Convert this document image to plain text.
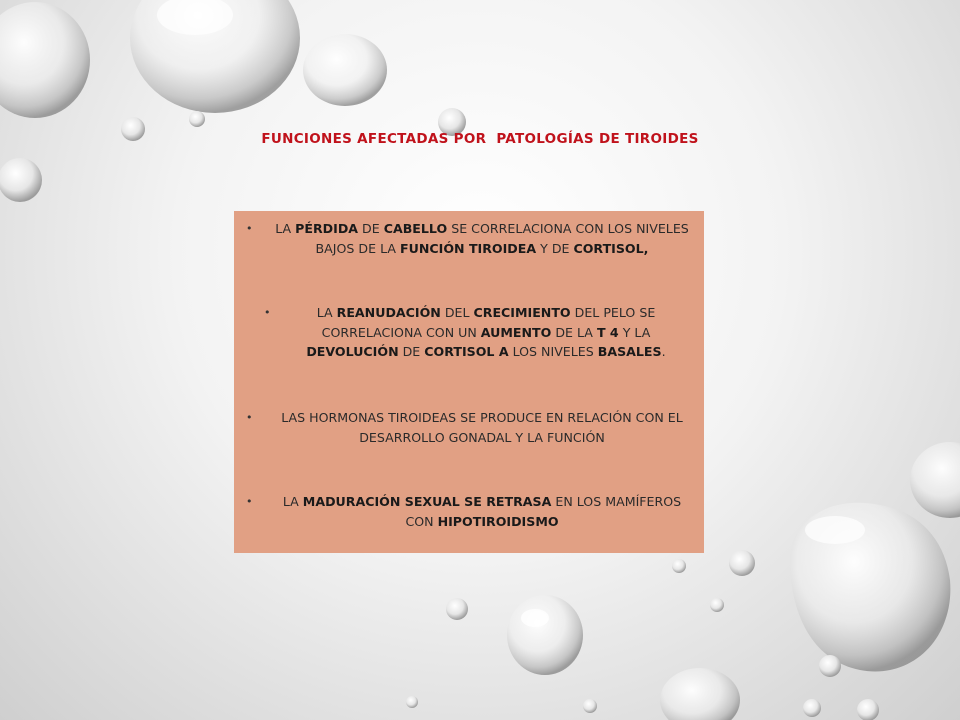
FUNCIONES AFECTADAS POR  PATOLOGÍAS DE TIROIDES
•	LA PÉRDIDA DE CABELLO SE CORRELACIONA CON LOS NIVELES
BAJOS DE LA FUNCIÓN TIROIDEA Y DE CORTISOL,
•	LA REANUDACIÓN DEL CRECIMIENTO DEL PELO SE
CORRELACIONA CON UN AUMENTO DE LA T 4 Y LA
DEVOLUCIÓN DE CORTISOL A LOS NIVELES BASALES.
•	LAS HORMONAS TIROIDEAS SE PRODUCE EN RELACIÓN CON EL
DESARROLLO GONADAL Y LA FUNCIÓN
•	LA MADURACIÓN SEXUAL SE RETRASA EN LOS MAMÍFEROS
CON HIPOTIROIDISMO
